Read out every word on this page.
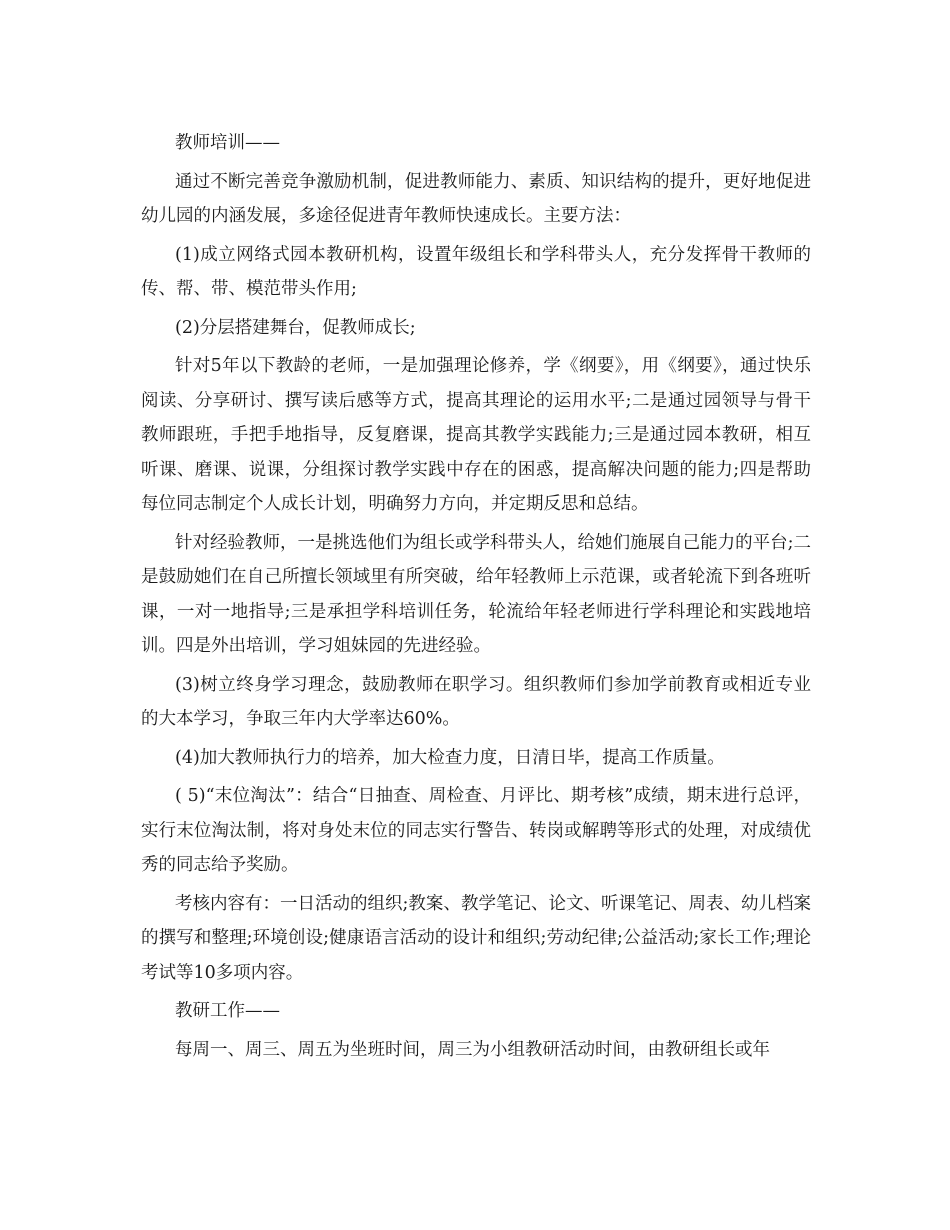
教师培训——

通过不断完善竞争激励机制，促进教师能力、素质、知识结构的提升，更好地促进幼儿园的内涵发展，多途径促进青年教师快速成长。主要方法：

(1)成立网络式园本教研机构，设置年级组长和学科带头人，充分发挥骨干教师的传、帮、带、模范带头作用;

(2)分层搭建舞台，促教师成长;

针对5年以下教龄的老师，一是加强理论修养，学《纲要》，用《纲要》，通过快乐阅读、分享研讨、撰写读后感等方式，提高其理论的运用水平;二是通过园领导与骨干教师跟班，手把手地指导，反复磨课，提高其教学实践能力;三是通过园本教研，相互听课、磨课、说课，分组探讨教学实践中存在的困惑，提高解决问题的能力;四是帮助每位同志制定个人成长计划，明确努力方向，并定期反思和总结。

针对经验教师，一是挑选他们为组长或学科带头人，给她们施展自己能力的平台;二是鼓励她们在自己所擅长领域里有所突破，给年轻教师上示范课，或者轮流下到各班听课，一对一地指导;三是承担学科培训任务，轮流给年轻老师进行学科理论和实践地培训。四是外出培训，学习姐妹园的先进经验。

(3)树立终身学习理念，鼓励教师在职学习。组织教师们参加学前教育或相近专业的大本学习，争取三年内大学率达60%。

(4)加大教师执行力的培养，加大检查力度，日清日毕，提高工作质量。

( 5)“末位淘汰”：结合“日抽查、周检查、月评比、期考核”成绩，期末进行总评，实行末位淘汰制，将对身处末位的同志实行警告、转岗或解聘等形式的处理，对成绩优秀的同志给予奖励。

考核内容有：一日活动的组织;教案、教学笔记、论文、听课笔记、周表、幼儿档案的撰写和整理;环境创设;健康语言活动的设计和组织;劳动纪律;公益活动;家长工作;理论考试等10多项内容。

教研工作——

每周一、周三、周五为坐班时间，周三为小组教研活动时间，由教研组长或年
